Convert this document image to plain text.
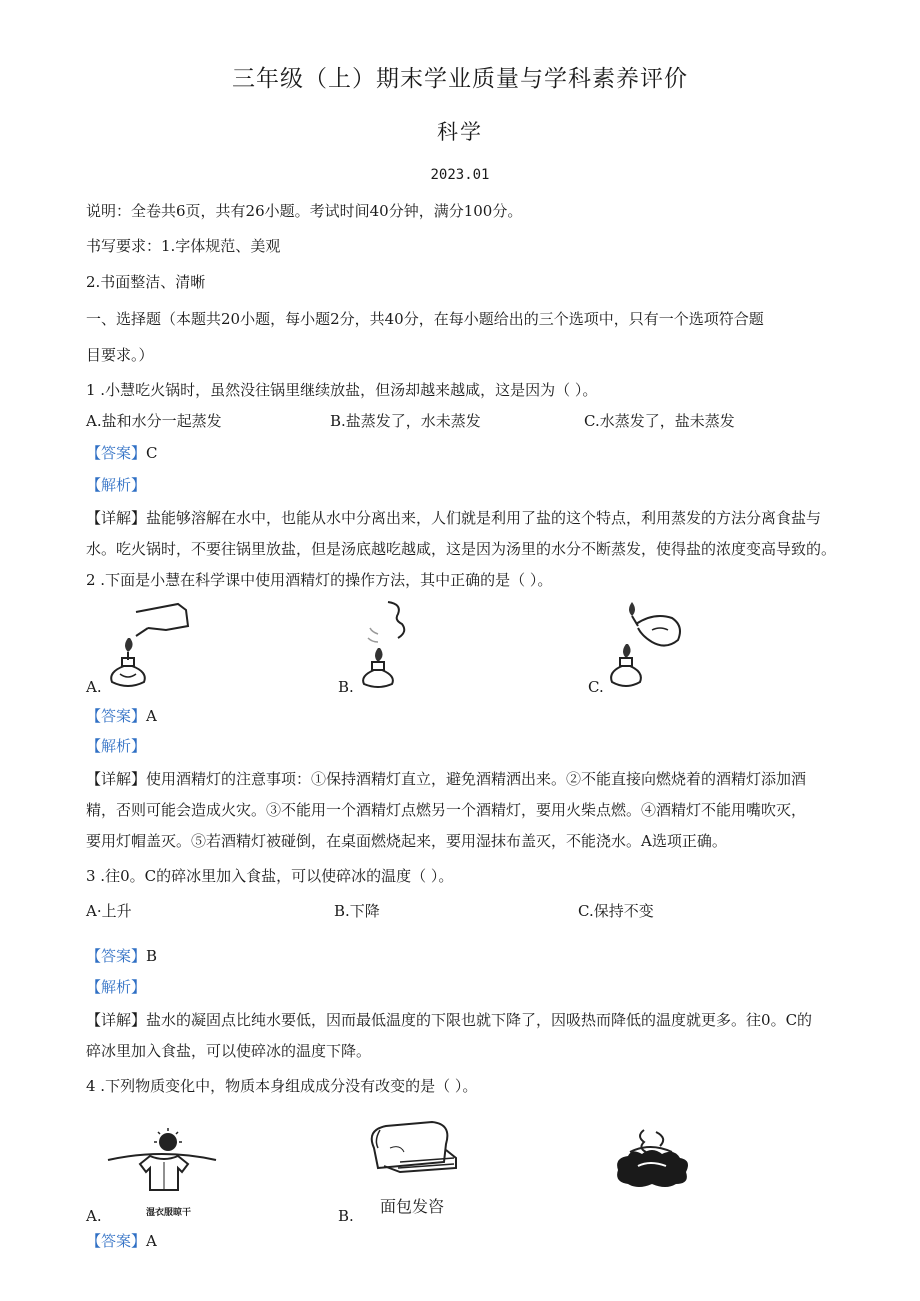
三年级（上）期末学业质量与学科素养评价
科学
2023.01
说明：全卷共6页，共有26小题。考试时间40分钟，满分100分。
书写要求：1.字体规范、美观
2.书面整洁、清晰
一、选择题（本题共20小题，每小题2分，共40分，在每小题给出的三个选项中，只有一个选项符合题
目要求。）
1 .小慧吃火锅时，虽然没往锅里继续放盐，但汤却越来越咸，这是因为（ ）。
A.盐和水分一起蒸发	B.盐蒸发了，水未蒸发	C.水蒸发了，盐未蒸发
【答案】C
【解析】
【详解】盐能够溶解在水中，也能从水中分离出来，人们就是利用了盐的这个特点，利用蒸发的方法分离食盐与
水。吃火锅时，不要往锅里放盐，但是汤底越吃越咸，这是因为汤里的水分不断蒸发，使得盐的浓度变高导致的。
2 .下面是小慧在科学课中使用酒精灯的操作方法，其中正确的是（ ）。
A.	B.	C.
【答案】A
【解析】
【详解】使用酒精灯的注意事项：①保持酒精灯直立，避免酒精洒出来。②不能直接向燃烧着的酒精灯添加酒
精，否则可能会造成火灾。③不能用一个酒精灯点燃另一个酒精灯，要用火柴点燃。④酒精灯不能用嘴吹灭，
要用灯帽盖灭。⑤若酒精灯被碰倒，在桌面燃烧起来，要用湿抹布盖灭，不能浇水。A选项正确。
3 .往0。C的碎冰里加入食盐，可以使碎冰的温度（ ）。
A·上升	B.下降	C.保持不变
【答案】B
【解析】
【详解】盐水的凝固点比纯水要低，因而最低温度的下限也就下降了，因吸热而降低的温度就更多。往0。C的
碎冰里加入食盐，可以使碎冰的温度下降。
4 .下列物质变化中，物质本身组成成分没有改变的是（ ）。
湿衣服晾干	面包发咨
A.	B.
【答案】A
